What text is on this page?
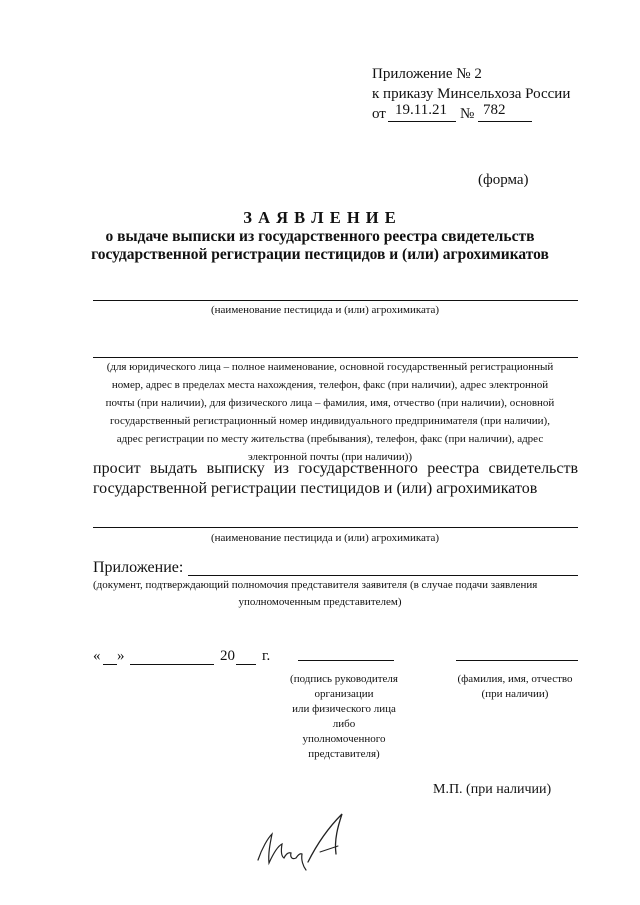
Приложение № 2
к приказу Минсельхоза России
от 19.11.21 № 782
(форма)
З А Я В Л Е Н И Е
о выдаче выписки из государственного реестра свидетельств
государственной регистрации пестицидов и (или) агрохимикатов
(наименование пестицида и (или) агрохимиката)
(для юридического лица – полное наименование, основной государственный регистрационный
номер, адрес в пределах места нахождения, телефон, факс (при наличии), адрес электронной
почты (при наличии), для физического лица – фамилия, имя, отчество (при наличии), основной
государственный регистрационный номер индивидуального предпринимателя (при наличии),
адрес регистрации по месту жительства (пребывания), телефон, факс (при наличии), адрес
электронной почты (при наличии))
просит выдать выписку из государственного реестра свидетельств
государственной регистрации пестицидов и (или) агрохимикатов
(наименование пестицида и (или) агрохимиката)
Приложение:
(документ, подтверждающий полномочия представителя заявителя (в случае подачи заявления
уполномоченным представителем)
« »	20 г.
(подпись руководителя
организации
или физического лица
либо
уполномоченного
представителя)
(фамилия, имя, отчество
(при наличии)
М.П. (при наличии)
